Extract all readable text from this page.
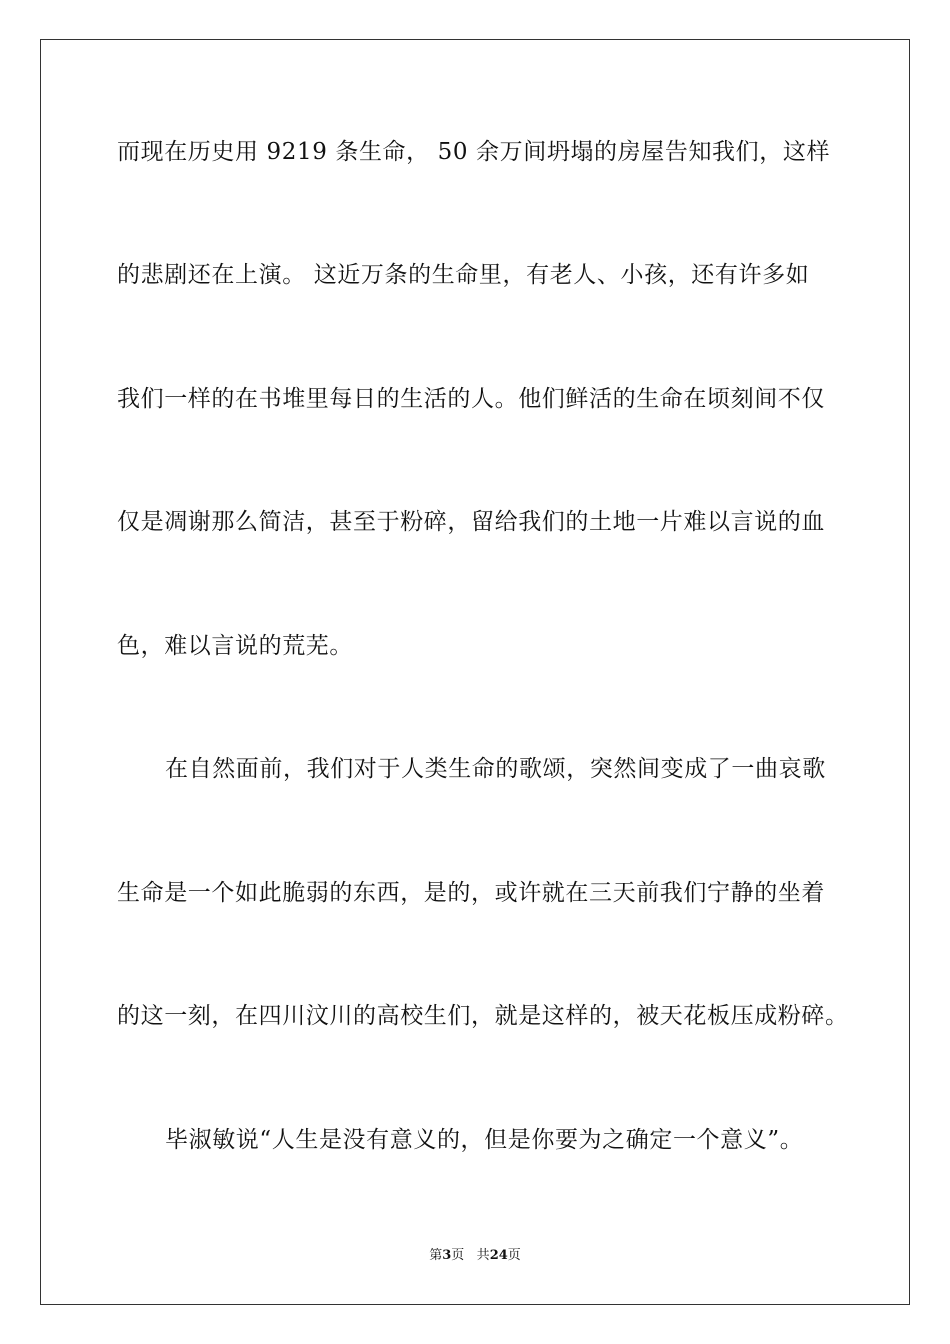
而现在历史用 9219 条生命， 50 余万间坍塌的房屋告知我们，这样
的悲剧还在上演。 这近万条的生命里，有老人、小孩，还有许多如
我们一样的在书堆里每日的生活的人。他们鲜活的生命在顷刻间不仅
仅是凋谢那么简洁，甚至于粉碎，留给我们的土地一片难以言说的血
色，难以言说的荒芜。
在自然面前，我们对于人类生命的歌颂，突然间变成了一曲哀歌
生命是一个如此脆弱的东西，是的，或许就在三天前我们宁静的坐着
的这一刻，在四川汶川的高校生们，就是这样的，被天花板压成粉碎。
毕淑敏说“人生是没有意义的，但是你要为之确定一个意义”。
第3页 共24页
